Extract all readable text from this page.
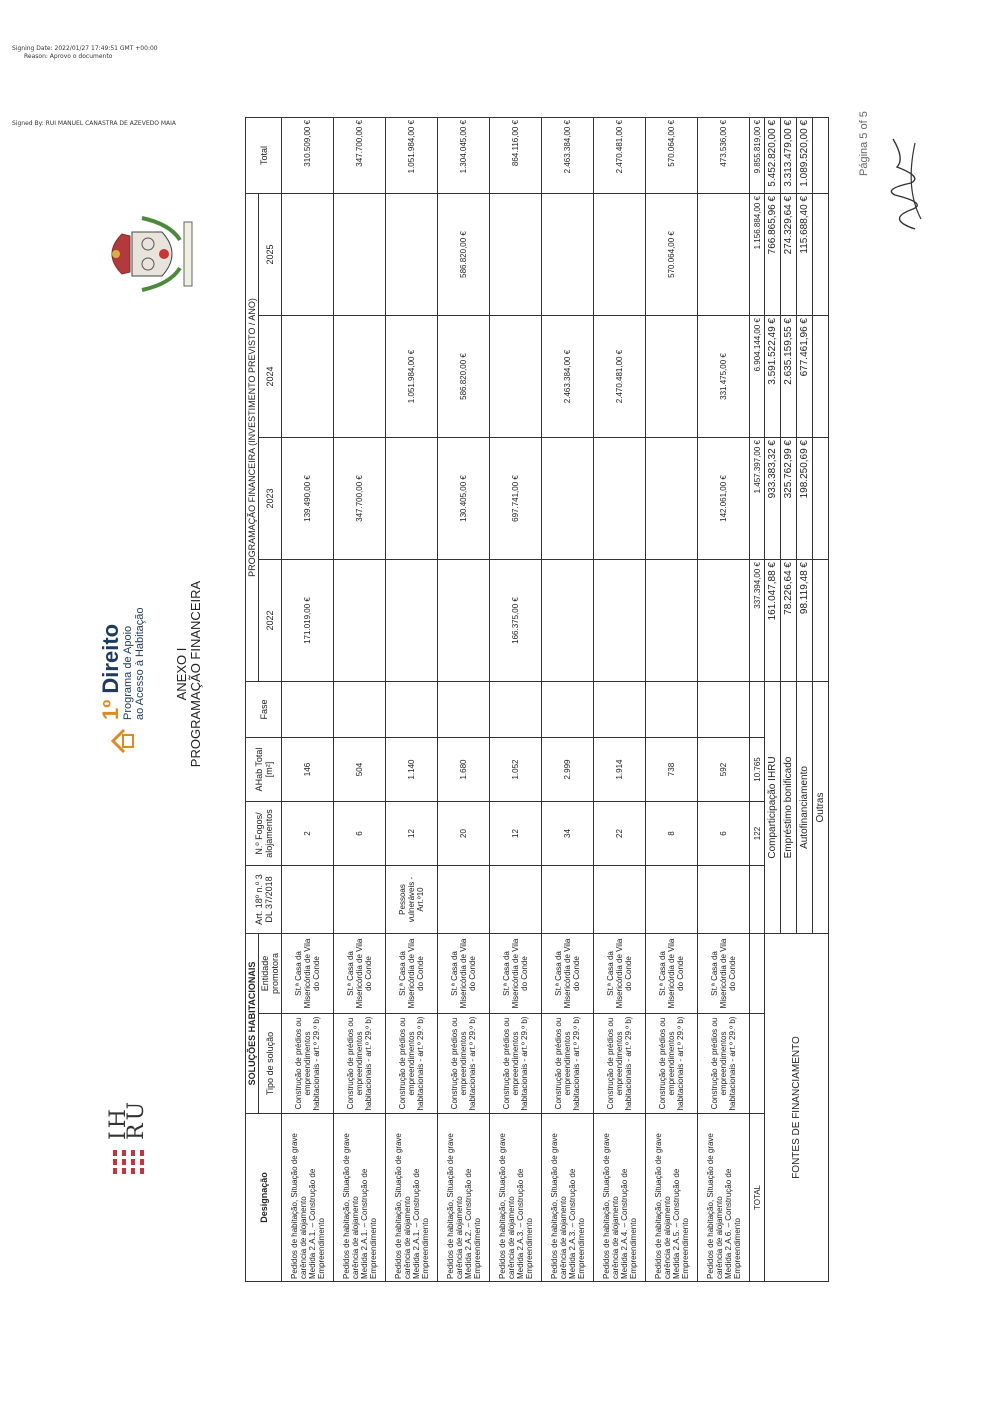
Signing Date: 2022/01/27 17:49:51 GMT +00:00
Reason: Aprovo o documento
Signed By: RUI MANUEL CANASTRA DE AZEVEDO MAIA	Página 5 of 5
IH
RU
1º Direito Programa de Apoio ao Acesso à Habitação ANEXO I PROGRAMAÇÃO FINANCEIRA
Designação	SOLUÇÕES HABITACIONAIS		Art. 18º n.º 3 DL 37/2018	N.º Fogos/ alojamentos	AHab Total [m²]	Fase	PROGRAMAÇÃO FINANCEIRA (INVESTIMENTO PREVISTO / ANO)				Total
	Tipo de solução	Entidade promotora					2022	2023	2024	2025	

Pedidos de habitação, Situação de grave carência de alojamento Medida 2.A.1. – Construção de Empreendimento	Construção de prédios ou empreendimentos habitacionais - art.º 29.º b)	St.ª Casa da Misericórdia de Vila do Conde		2	146		171.019,00 €	139.490,00 €			310.509,00 €

Pedidos de habitação, Situação de grave carência de alojamento Medida 2.A.1. – Construção de Empreendimento	Construção de prédios ou empreendimentos habitacionais - art.º 29.º b)	St.ª Casa da Misericórdia de Vila do Conde		6	504			347.700,00 €			347.700,00 €

Pedidos de habitação, Situação de grave carência de alojamento Medida 2.A.1. – Construção de Empreendimento	Construção de prédios ou empreendimentos habitacionais - art.º 29.º b)	St.ª Casa da Misericórdia de Vila do Conde	Pessoas vulneráveis - Art.º10	12	1.140				1.051.984,00 €		1.051.984,00 €

Pedidos de habitação, Situação de grave carência de alojamento Medida 2.A.2. – Construção de Empreendimento	Construção de prédios ou empreendimentos habitacionais - art.º 29.º b)	St.ª Casa da Misericórdia de Vila do Conde		20	1.680			130.405,00 €	586.820,00 €	586.820,00 €	1.304.045,00 €

Pedidos de habitação, Situação de grave carência de alojamento Medida 2.A.3. – Construção de Empreendimento	Construção de prédios ou empreendimentos habitacionais - art.º 29.º b)	St.ª Casa da Misericórdia de Vila do Conde		12	1.052		166.375,00 €	697.741,00 €			864.116,00 €

Pedidos de habitação, Situação de grave carência de alojamento Medida 2.A.3. – Construção de Empreendimento	Construção de prédios ou empreendimentos habitacionais - art.º 29.º b)	St.ª Casa da Misericórdia de Vila do Conde		34	2.999				2.463.384,00 €		2.463.384,00 €

Pedidos de habitação, Situação de grave carência de alojamento Medida 2.A.4. – Construção de Empreendimento	Construção de prédios ou empreendimentos habitacionais - art.º 29.º b)	St.ª Casa da Misericórdia de Vila do Conde		22	1.914				2.470.481,00 €		2.470.481,00 €

Pedidos de habitação, Situação de grave carência de alojamento Medida 2.A.5. – Construção de Empreendimento	Construção de prédios ou empreendimentos habitacionais - art.º 29.º b)	St.ª Casa da Misericórdia de Vila do Conde		8	738					570.064,00 €	570.064,00 €

Pedidos de habitação, Situação de grave carência de alojamento Medida 2.A.6. – Construção de Empreendimento	Construção de prédios ou empreendimentos habitacionais - art.º 29.º b)	St.ª Casa da Misericórdia de Vila do Conde		6	592			142.061,00 €	331.475,00 €		473.536,00 €
TOTAL				122	10.765		337.394,00 €	1.457.397,00 €	6.904.144,00 €	1.156.884,00 €	9.855.819,00 €
FONTES DE FINANCIAMENTO			Comparticipação IHRU				161.047,88 €	933.383,32 €	3.591.522,49 €	766.865,96 €	5.452.820,00 €
			Empréstimo bonificado				78.226,64 €	325.762,99 €	2.635.159,55 €	274.329,64 €	3.313.479,00 €
			Autofinanciamento				98.119,48 €	198.250,69 €	677.461,96 €	115.688,40 €	1.089.520,00 €
			Outras								
